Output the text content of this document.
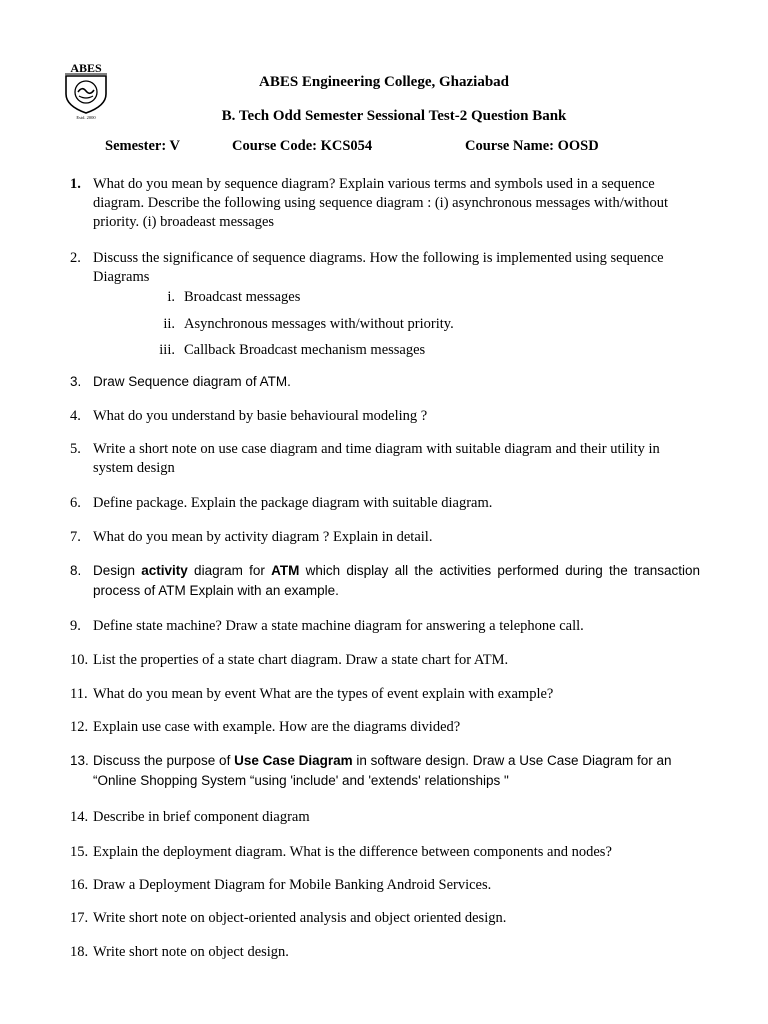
ABES
Estd. 2000
ABES Engineering College, Ghaziabad
B. Tech Odd Semester Sessional Test-2 Question Bank
Semester: V	Course Code: KCS054	Course Name: OOSD
1. What do you mean by sequence diagram? Explain various terms and symbols used in a sequence diagram. Describe the following using sequence diagram : (i) asynchronous messages with/without priority. (i) broadeast messages
2. Discuss the significance of sequence diagrams. How the following is implemented using sequence Diagrams
i. Broadcast messages
ii. Asynchronous messages with/without priority.
iii. Callback Broadcast mechanism messages
3. Draw Sequence diagram of ATM.
4. What do you understand by basie behavioural modeling ?
5. Write a short note on use case diagram and time diagram with suitable diagram and their utility in system design
6. Define package. Explain the package diagram with suitable diagram.
7. What do you mean by activity diagram ? Explain in detail.
8. Design activity diagram for ATM which display all the activities performed during the transaction process of ATM Explain with an example.
9. Define state machine? Draw a state machine diagram for answering a telephone call.
10. List the properties of a state chart diagram. Draw a state chart for ATM.
11. What do you mean by event What are the types of event explain with example?
12. Explain use case with example. How are the diagrams divided?
13. Discuss the purpose of Use Case Diagram in software design. Draw a Use Case Diagram for an “Online Shopping System “using 'include' and 'extends' relationships "
14. Describe in brief component diagram
15. Explain the deployment diagram. What is the difference between components and nodes?
16. Draw a Deployment Diagram for Mobile Banking Android Services.
17. Write short note on object-oriented analysis and object oriented design.
18. Write short note on object design.
